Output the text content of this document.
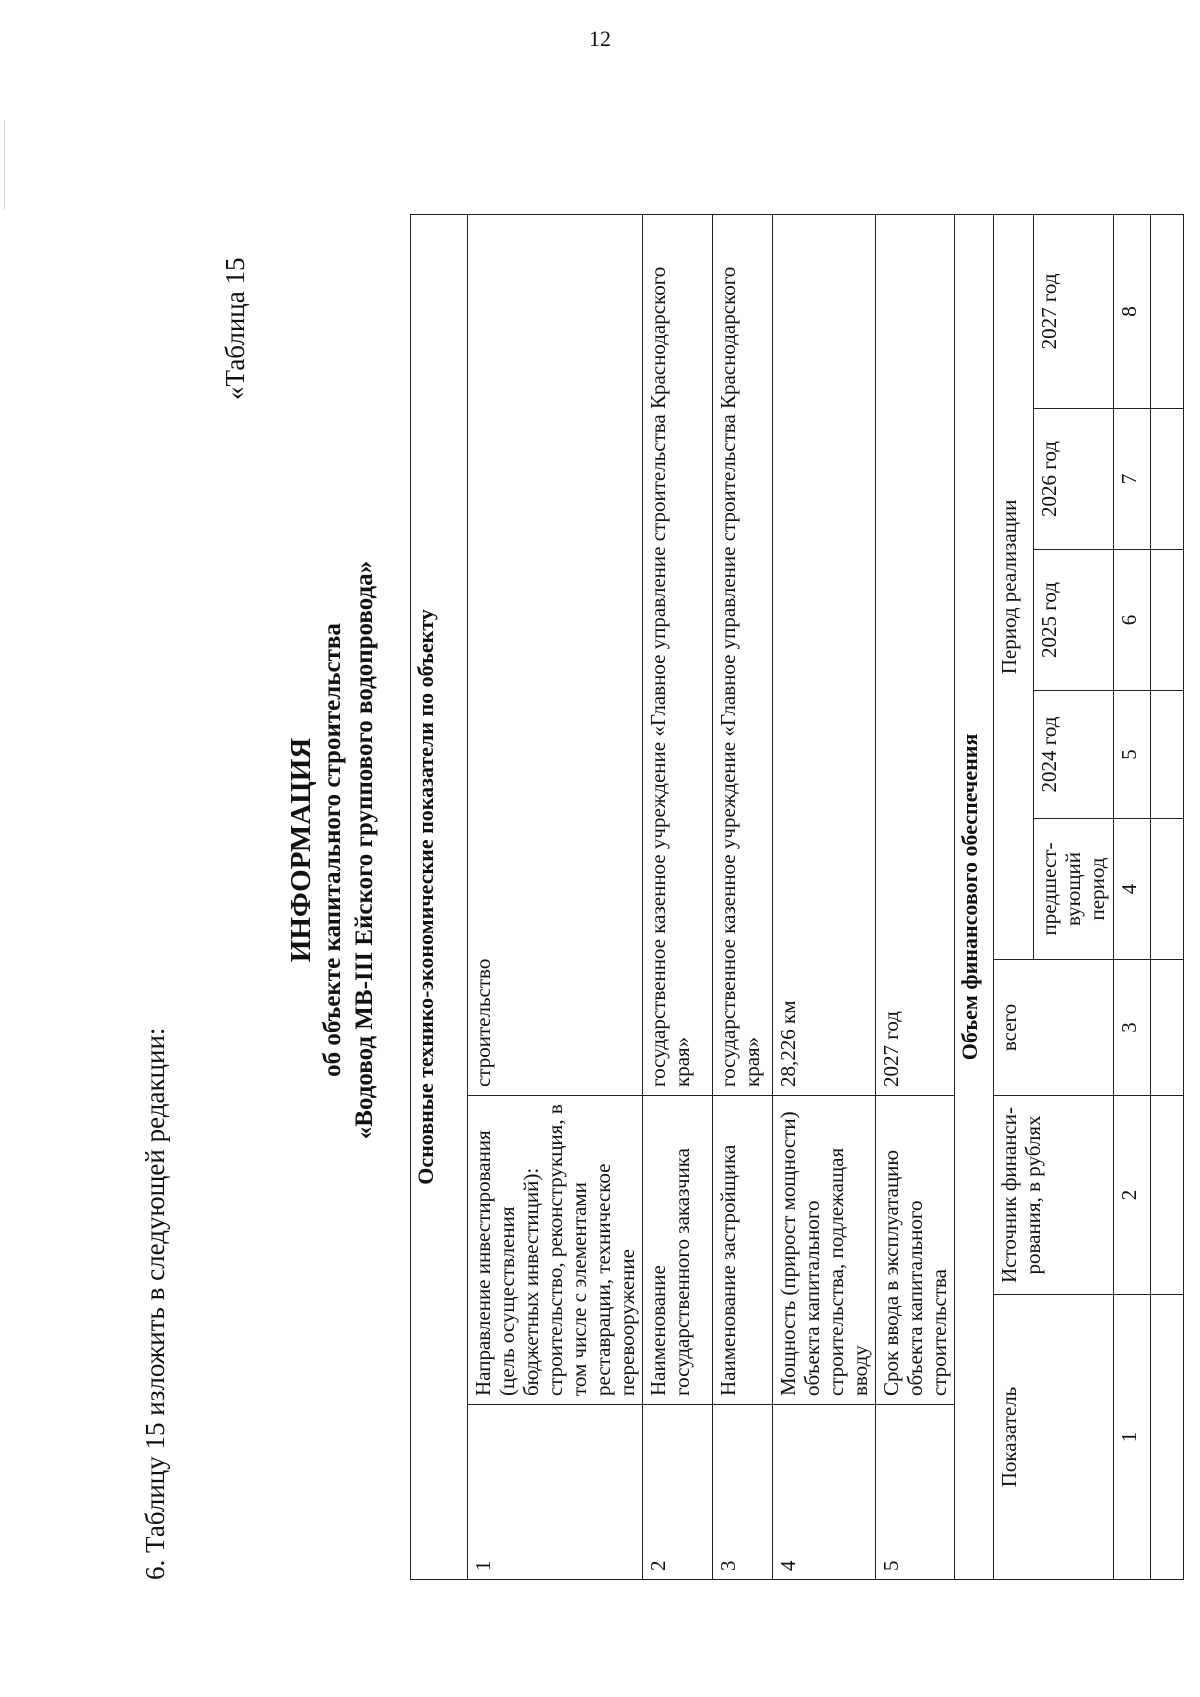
12
6. Таблицу 15 изложить в следующей редакции:
«Таблица 15
ИНФОРМАЦИЯ об объекте капитального строительства «Водовод МВ-III Ейского группового водопровода» Основные технико-экономические показатели по объекту								
1	Направление инвестирования (цель осуществления бюджетных инвестиций): строительство, реконструкция, в том числе с элементами реставрации, техническое перевооружение		строительство					
2	Наименование государственного заказчика		государственное казенное учреждение «Главное управление строительства Краснодарского края»					
3	Наименование застройщика		государственное казенное учреждение «Главное управление строительства Краснодарского края»					
4	Мощность (прирост мощности) объекта капитального строительства, подлежащая вводу		28,226 км					
5	Срок ввода в эксплуатацию объекта капитального строительства		2027 год					
Объем финансового обеспечения								
Показатель		Источник финанси-рования, в рублях	всего	Период реализации				
				предшест-вующий период	2024 год	2025 год	2026 год	2027 год
1		2	3	4	5	6	7	8
